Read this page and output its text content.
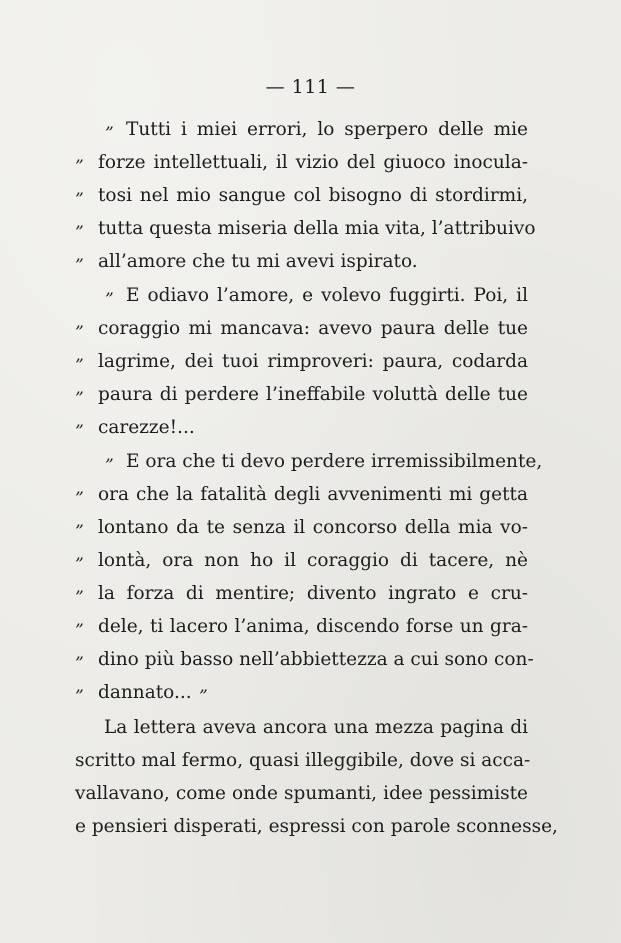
— 111 —
” Tutti i miei errori, lo sperpero delle mie
” forze intellettuali, il vizio del giuoco inocula-
” tosi nel mio sangue col bisogno di stordirmi,
” tutta questa miseria della mia vita, l’attribuivo
” all’amore che tu mi avevi ispirato.
” E odiavo l’amore, e volevo fuggirti. Poi, il
” coraggio mi mancava: avevo paura delle tue
” lagrime, dei tuoi rimproveri: paura, codarda
” paura di perdere l’ineffabile voluttà delle tue
” carezze!...
” E ora che ti devo perdere irremissibilmente,
” ora che la fatalità degli avvenimenti mi getta
” lontano da te senza il concorso della mia vo-
” lontà, ora non ho il coraggio di tacere, nè
” la forza di mentire; divento ingrato e cru-
” dele, ti lacero l’anima, discendo forse un gra-
” dino più basso nell’abbiettezza a cui sono con-
” dannato... ”
La lettera aveva ancora una mezza pagina di
scritto mal fermo, quasi illeggibile, dove si acca-
vallavano, come onde spumanti, idee pessimiste
e pensieri disperati, espressi con parole sconnesse,
